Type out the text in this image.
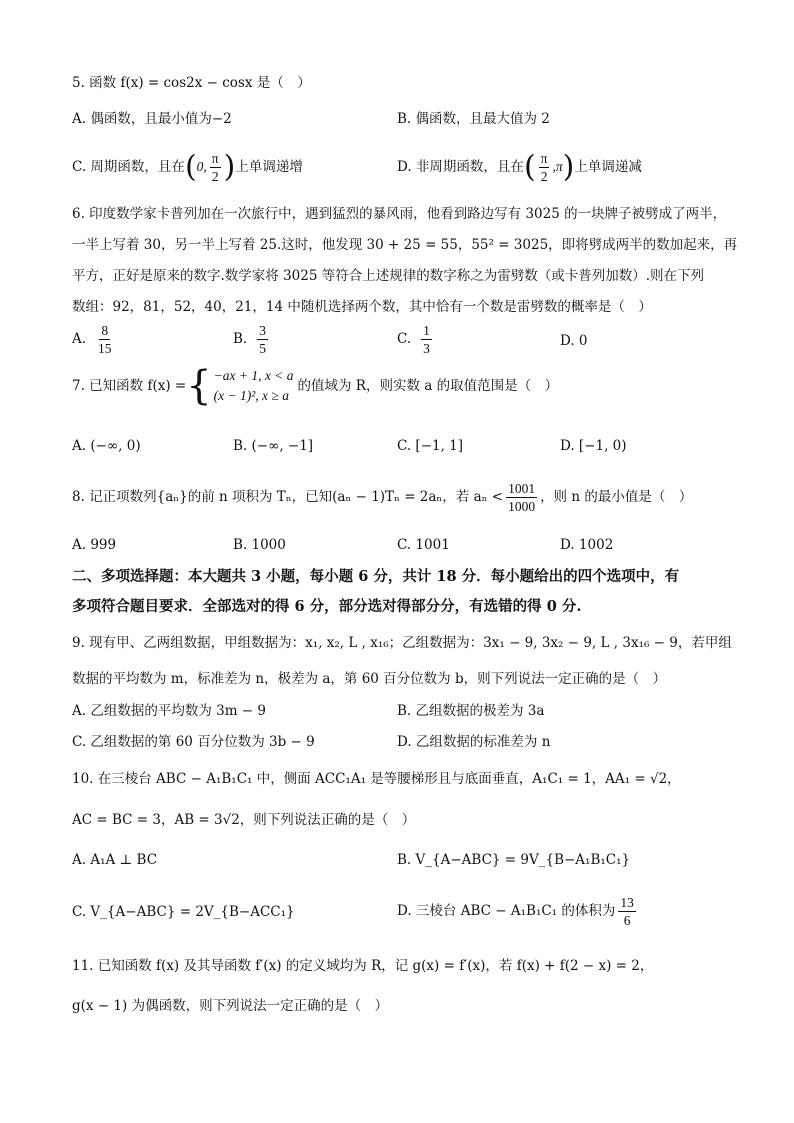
5. 函数 f(x) = cos2x − cosx 是（　）
A. 偶函数，且最小值为−2	B. 偶函数，且最大值为 2
C. 周期函数，且在(0, $\frac{\pi}{2}$ )上单调递增	D. 非周期函数，且在( $\frac{\pi}{2} ,\pi$)上单调递减
6. 印度数学家卡普列加在一次旅行中，遇到猛烈的暴风雨，他看到路边写有 3025 的一块牌子被劈成了两半，
一半上写着 30，另一半上写着 25.这时，他发现 30 + 25 = 55，55² = 3025，即将劈成两半的数加起来，再
平方，正好是原来的数字.数学家将 3025 等符合上述规律的数字称之为雷劈数（或卡普列加数）.则在下列
数组：92，81，52，40，21，14 中随机选择两个数，其中恰有一个数是雷劈数的概率是（　）
A. $\frac{8}{15}$	B. $\frac{3}{5}$	C. $\frac{1}{3}$	D. 0
7. 已知函数 f(x) = { −ax + 1, x < a
(x − 1)², x ≥ a
的值域为 R，则实数 a 的取值范围是（　）
A. (−∞, 0)	B. (−∞, −1]	C. [−1, 1]	D. [−1, 0)
8. 记正项数列{aₙ}的前 n 项积为 Tₙ，已知(aₙ − 1)Tₙ = 2aₙ，若 $a_n < \frac{1001}{1000}$ ，则 n 的最小值是（　）
A. 999	B. 1000	C. 1001	D. 1002
二、多项选择题：本大题共 3 小题，每小题 6 分，共计 18 分．每小题给出的四个选项中，有
多项符合题目要求．全部选对的得 6 分，部分选对得部分分，有选错的得 0 分.
9. 现有甲、乙两组数据，甲组数据为：x₁, x₂, L , x₁₆；乙组数据为：3x₁ − 9, 3x₂ − 9, L , 3x₁₆ − 9，若甲组
数据的平均数为 m，标准差为 n，极差为 a，第 60 百分位数为 b，则下列说法一定正确的是（　）
A. 乙组数据的平均数为 3m − 9	B. 乙组数据的极差为 3a
C. 乙组数据的第 60 百分位数为 3b − 9	D. 乙组数据的标准差为 n
10. 在三棱台 ABC − A₁B₁C₁ 中，侧面 ACC₁A₁ 是等腰梯形且与底面垂直，A₁C₁ = 1，AA₁ = √2，
AC = BC = 3，AB = 3√2，则下列说法正确的是（　）
A. A₁A ⊥ BC	B. V_{A−ABC} = 9V_{B−A₁B₁C₁}
C. V_{A−ABC} = 2V_{B−ACC₁}	D. 三棱台 ABC − A₁B₁C₁ 的体积为 $\frac{13}{6}$
11. 已知函数 f(x) 及其导函数 f′(x) 的定义域均为 R，记 g(x) = f′(x)，若 f(x) + f(2 − x) = 2，
g(x − 1) 为偶函数，则下列说法一定正确的是（　）
